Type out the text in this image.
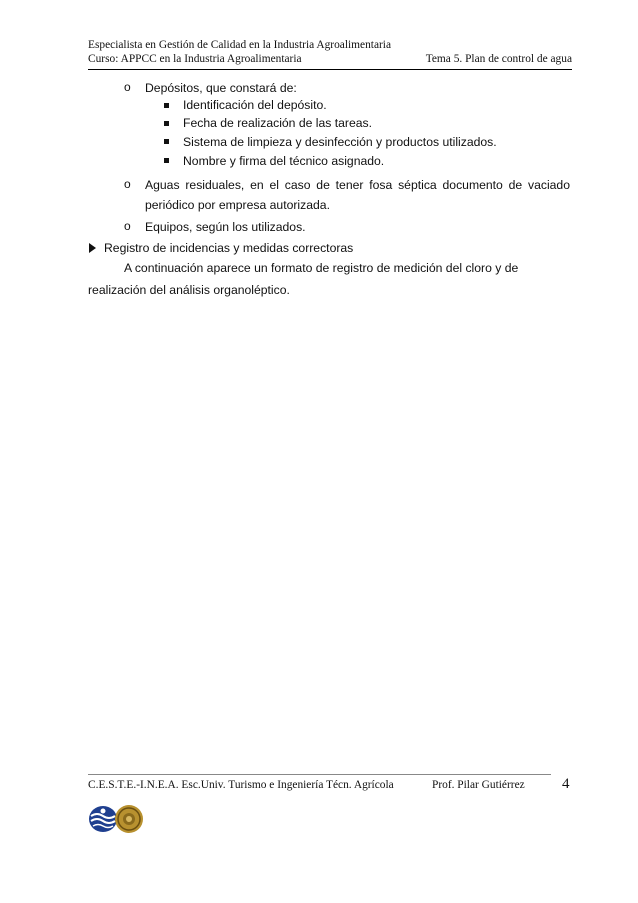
Especialista en Gestión de Calidad en la Industria Agroalimentaria
Curso: APPCC en la Industria Agroalimentaria	Tema 5. Plan de control de agua
o Depósitos, que constará de:
Identificación del depósito.
Fecha de realización de las tareas.
Sistema de limpieza y desinfección y productos utilizados.
Nombre y firma del técnico asignado.
o Aguas residuales, en el caso de tener fosa séptica documento de vaciado
periódico por empresa autorizada.
o Equipos, según los utilizados.
Registro de incidencias y medidas correctoras
A continuación aparece un formato de registro de medición del cloro y de
realización del análisis organoléptico.
C.E.S.T.E.-I.N.E.A. Esc.Univ. Turismo e Ingeniería Técn. Agrícola	Prof. Pilar Gutiérrez 4
